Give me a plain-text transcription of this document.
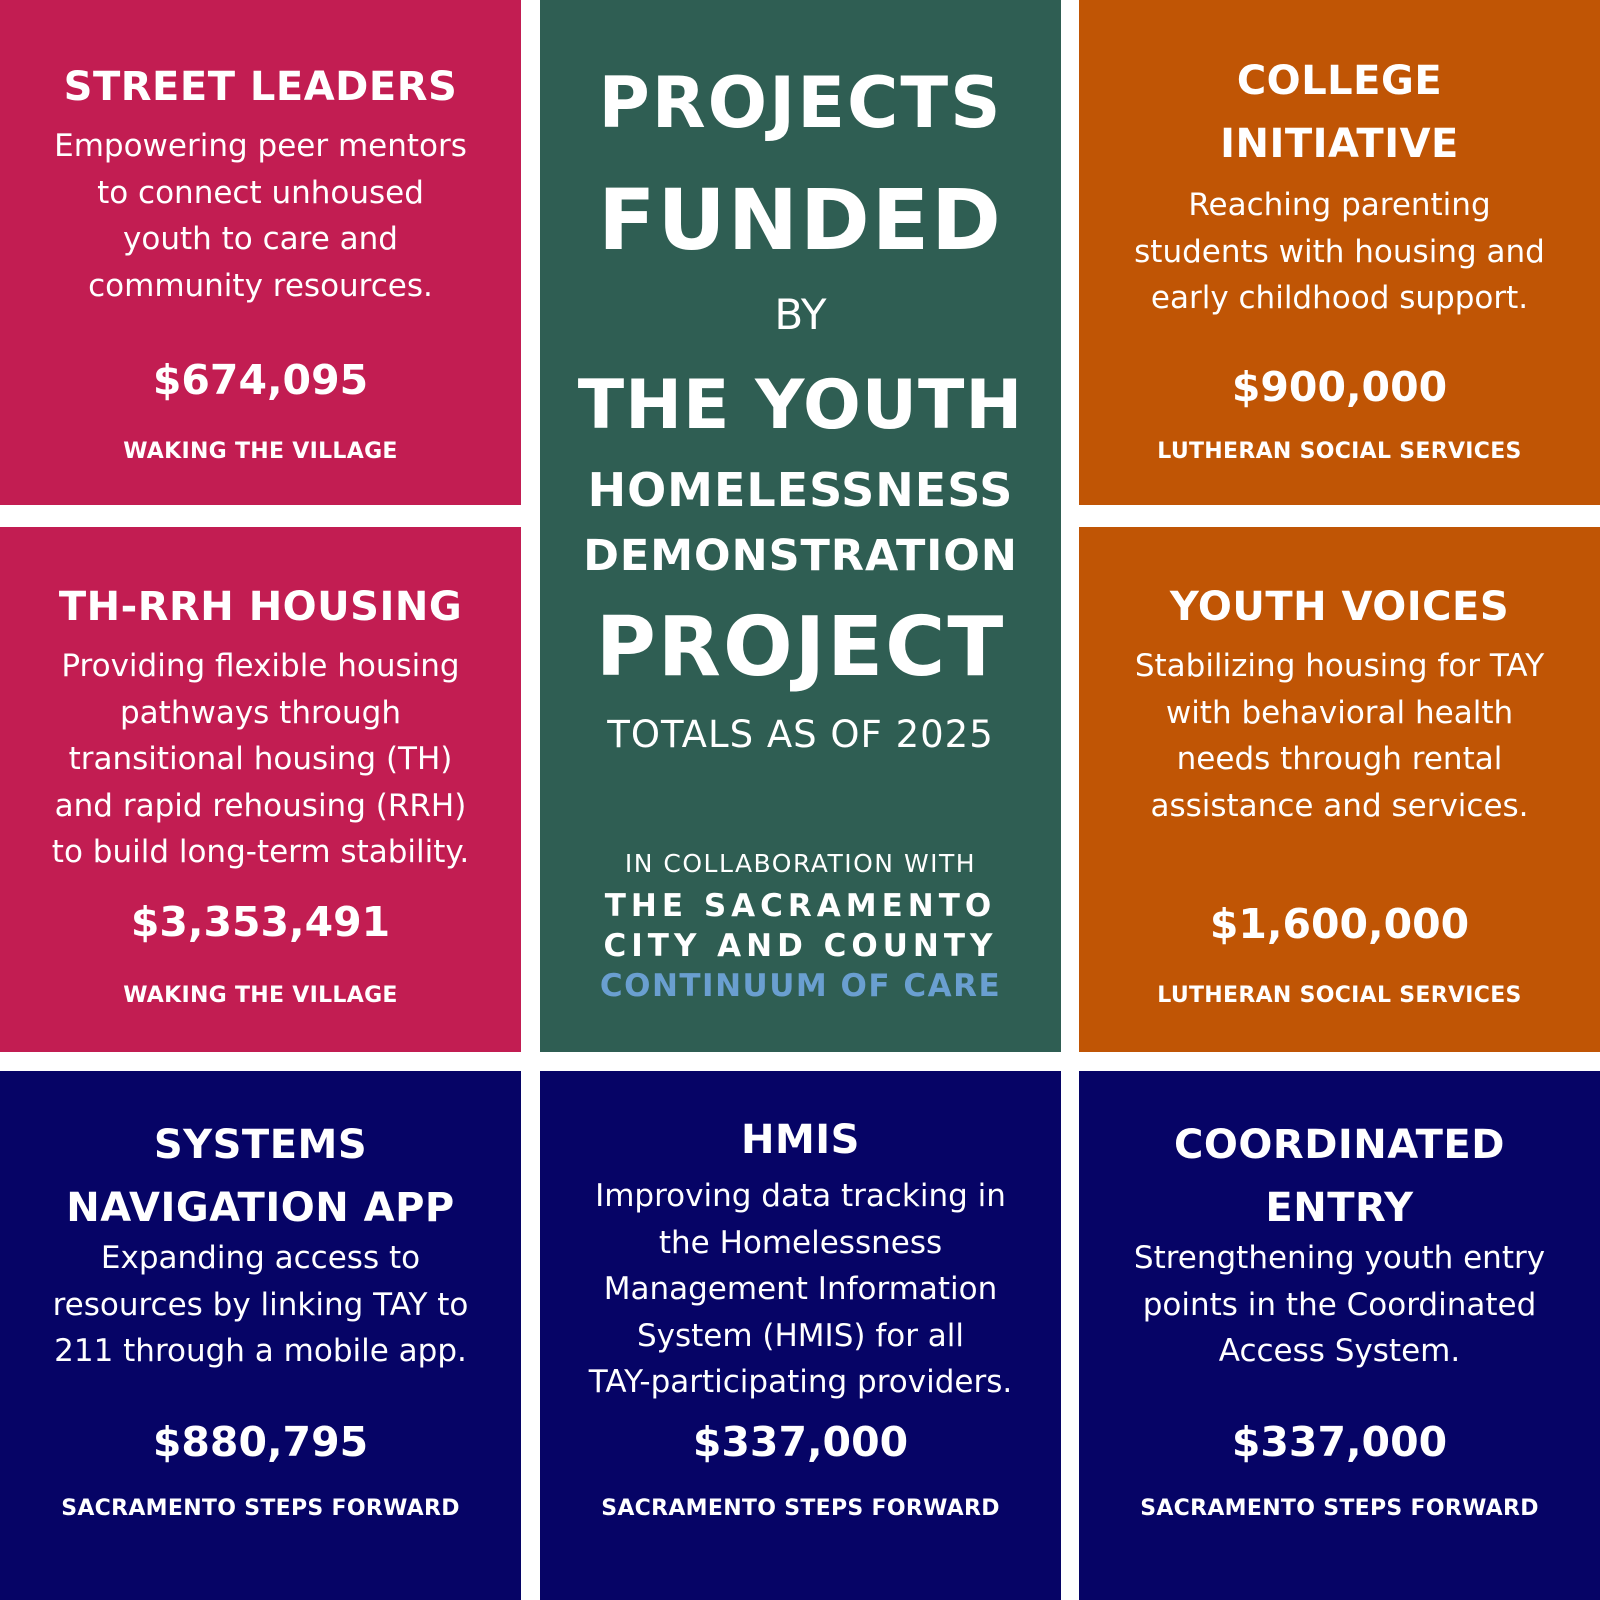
STREET LEADERS
Empowering peer mentors
to connect unhoused
youth to care and
community resources.
$674,095
WAKING THE VILLAGE
TH-RRH HOUSING
Providing flexible housing
pathways through
transitional housing (TH)
and rapid rehousing (RRH)
to build long-term stability.
$3,353,491
WAKING THE VILLAGE
PROJECTS
FUNDED
BY
THE YOUTH
HOMELESSNESS
DEMONSTRATION
PROJECT
TOTALS AS OF 2025
IN COLLABORATION WITH
THE SACRAMENTO
CITY AND COUNTY
CONTINUUM OF CARE
COLLEGE
INITIATIVE
Reaching parenting
students with housing and
early childhood support.
$900,000
LUTHERAN SOCIAL SERVICES
YOUTH VOICES
Stabilizing housing for TAY
with behavioral health
needs through rental
assistance and services.
$1,600,000
LUTHERAN SOCIAL SERVICES
SYSTEMS
NAVIGATION APP
Expanding access to
resources by linking TAY to
211 through a mobile app.
$880,795
SACRAMENTO STEPS FORWARD
HMIS
Improving data tracking in
the Homelessness
Management Information
System (HMIS) for all
TAY-participating providers.
$337,000
SACRAMENTO STEPS FORWARD
COORDINATED
ENTRY
Strengthening youth entry
points in the Coordinated
Access System.
$337,000
SACRAMENTO STEPS FORWARD
